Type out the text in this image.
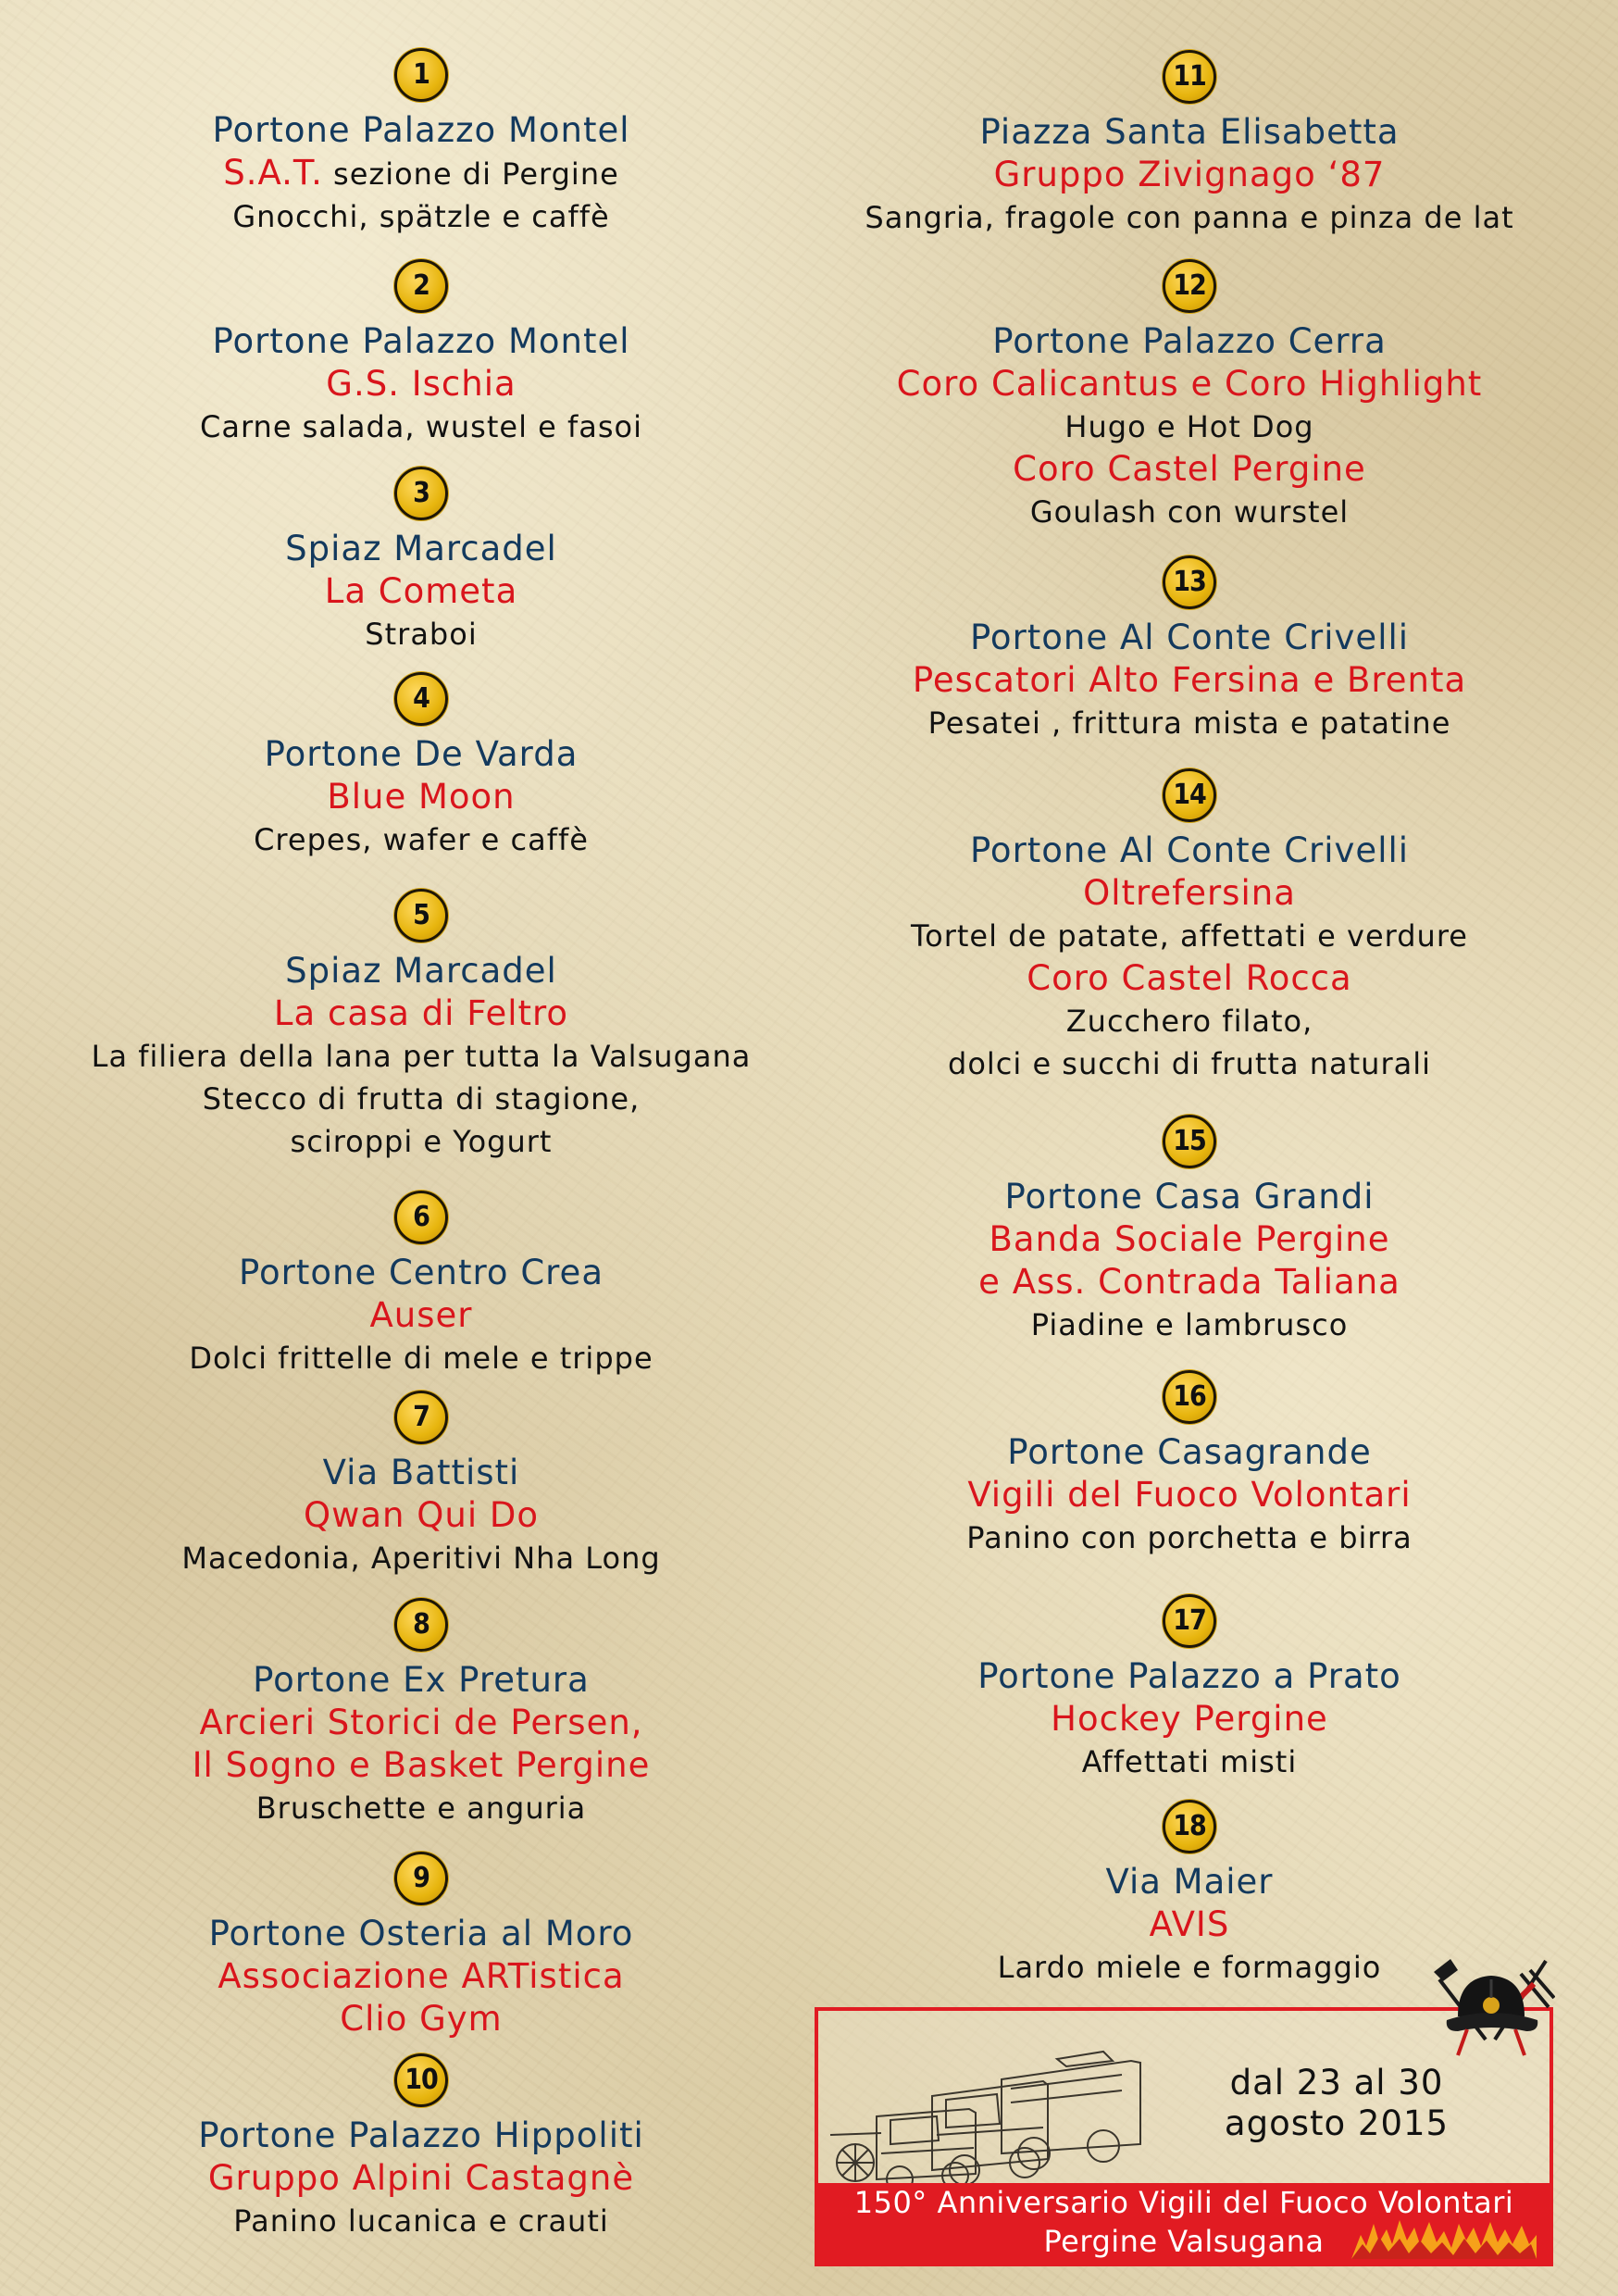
1
Portone Palazzo Montel
S.A.T. sezione di Pergine
Gnocchi, spätzle e caffè
2
Portone Palazzo Montel
G.S. Ischia
Carne salada, wustel e fasoi
3
Spiaz Marcadel
La Cometa
Straboi
4
Portone De Varda
Blue Moon
Crepes, wafer e caffè
5
Spiaz Marcadel
La casa di Feltro
La filiera della lana per tutta la Valsugana
Stecco di frutta di stagione,
sciroppi e Yogurt
6
Portone Centro Crea
Auser
Dolci frittelle di mele e trippe
7
Via Battisti
Qwan Qui Do
Macedonia, Aperitivi Nha Long
8
Portone Ex Pretura
Arcieri Storici de Persen,
Il Sogno e Basket Pergine
Bruschette e anguria
9
Portone Osteria al Moro
Associazione ARTistica
Clio Gym
10
Portone Palazzo Hippoliti
Gruppo Alpini Castagnè
Panino lucanica e crauti
11
Piazza Santa Elisabetta
Gruppo Zivignago ‘87
Sangria, fragole con panna e pinza de lat
12
Portone Palazzo Cerra
Coro Calicantus e Coro Highlight
Hugo e Hot Dog
Coro Castel Pergine
Goulash con wurstel
13
Portone Al Conte Crivelli
Pescatori Alto Fersina e Brenta
Pesatei , frittura mista e patatine
14
Portone Al Conte Crivelli
Oltrefersina
Tortel de patate, affettati e verdure
Coro Castel Rocca
Zucchero filato,
dolci e succhi di frutta naturali
15
Portone Casa Grandi
Banda Sociale Pergine
e Ass. Contrada Taliana
Piadine e lambrusco
16
Portone Casagrande
Vigili del Fuoco Volontari
Panino con porchetta e birra
17
Portone Palazzo a Prato
Hockey Pergine
Affettati misti
18
Via Maier
AVIS
Lardo miele e formaggio
dal 23 al 30
agosto 2015
150° Anniversario Vigili del Fuoco Volontari
Pergine Valsugana
